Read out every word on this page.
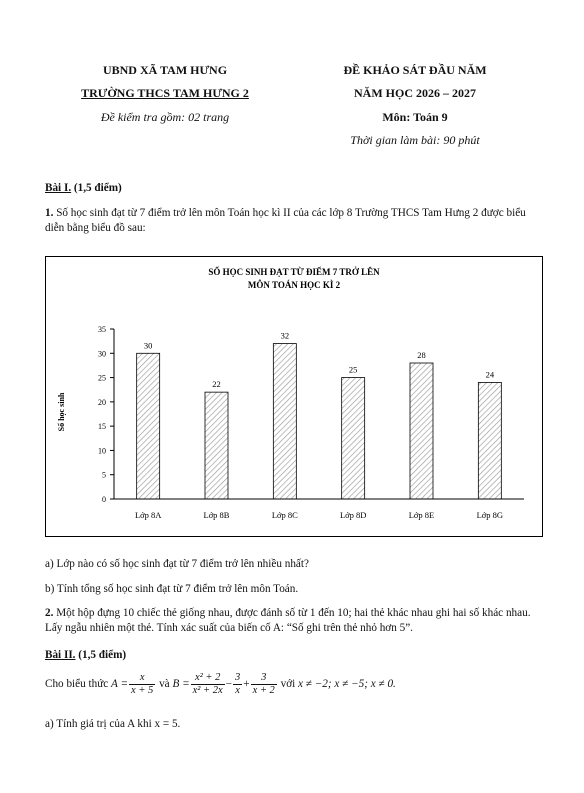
UBND XÃ TAM HƯNG
TRƯỜNG THCS TAM HƯNG 2
Đề kiểm tra gồm: 02 trang
ĐỀ KHẢO SÁT ĐẦU NĂM
NĂM HỌC 2026 – 2027
Môn: Toán 9
Thời gian làm bài: 90 phút
Bài I. (1,5 điểm)
1. Số học sinh đạt từ 7 điểm trở lên môn Toán học kì II của các lớp 8 Trường THCS Tam Hưng 2 được biểu diễn bằng biểu đồ sau:
SỐ HỌC SINH ĐẠT TỪ ĐIỂM 7 TRỞ LÊN
MÔN TOÁN HỌC KÌ 2
Số học sinh
0
5
10
15
20
25
30
35
30
Lớp 8A
22
Lớp 8B
32
Lớp 8C
25
Lớp 8D
28
Lớp 8E
24
Lớp 8G
a) Lớp nào có số học sinh đạt từ 7 điểm trở lên nhiều nhất?
b) Tính tổng số học sinh đạt từ 7 điểm trở lên môn Toán.
2. Một hộp đựng 10 chiếc thẻ giống nhau, được đánh số từ 1 đến 10; hai thẻ khác nhau ghi hai số khác nhau. Lấy ngẫu nhiên một thẻ. Tính xác suất của biến cố A: “Số ghi trên thẻ nhỏ hơn 5”.
Bài II. (1,5 điểm)
Cho biểu thức $A = \frac{x}{x + 5}$ và $B = \frac{\text{x² + 2}}{\text{x² + 2x}} - \frac{3}{x} + \frac{3}{x + 2}$ với x ≠ −2; x ≠ −5; x ≠ 0.
a) Tính giá trị của A khi x = 5.
